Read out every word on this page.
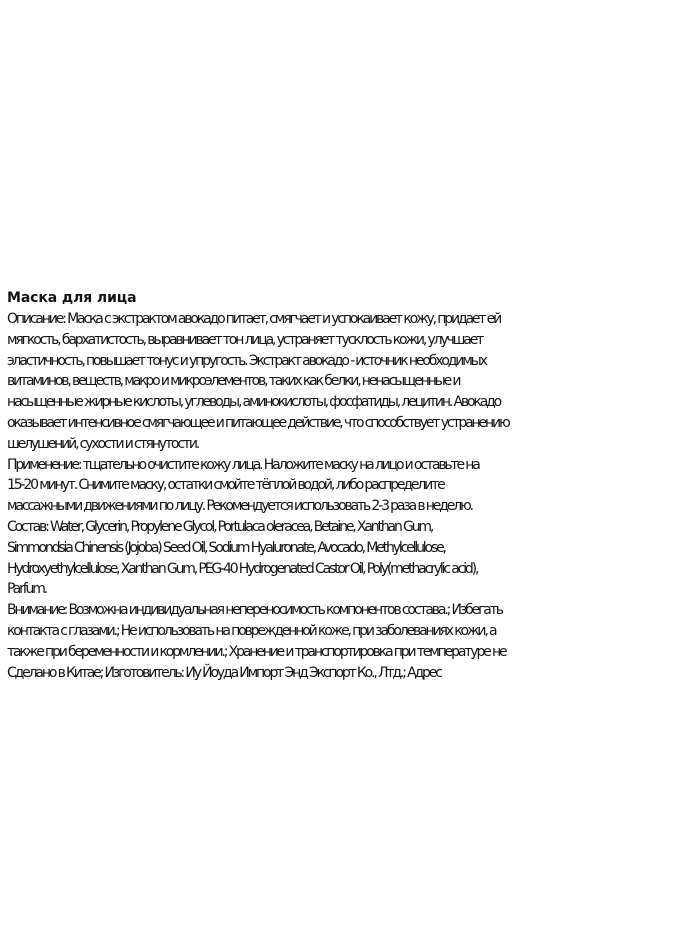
Маска для лица
Описание: Маска с экстрактом авокадо питает, смягчает и успокаивает кожу, придает ей
мягкость, бархатистость, выравнивает тон лица, устраняет тусклость кожи, улучшает
эластичность, повышает тонус и упругость. Экстракт авокадо - источник необходимых
витаминов, веществ, макро и микроэлементов, таких как белки, ненасыщенные и
насыщенные жирные кислоты, углеводы, аминокислоты, фосфатиды, лецитин. Авокадо
оказывает интенсивное смягчающее и питающее действие, что способствует устранению
шелушений, сухости и стянутости.
Применение: тщательно очистите кожу лица. Наложите маску на лицо и оставьте на
15-20 минут. Снимите маску, остатки смойте тёплой водой, либо распределите
массажными движениями по лицу. Рекомендуется использовать 2-3 раза в неделю.
Состав: Water, Glycerin, Propylene Glycol, Portulaca oleracea, Betaine, Xanthan Gum,
Simmondsia Chinensis (Jojoba) Seed Oil, Sodium Hyaluronate, Avocado, Methylcellulose,
Hydroxyethylcellulose, Xanthan Gum, PEG-40 Hydrogenated Castor Oil, Poly(methacrylic acid),
Parfum.
Внимание: Возможна индивидуальная непереносимость компонентов состава.; Избегать
контакта с глазами.; Не использовать на поврежденной коже, при заболеваниях кожи, а
также при беременности и кормлении.; Хранение и транспортировка при температуре не
Сделано в Китае; Изготовитель: Иу Йоуда Импорт Энд Экспорт Ко., Лтд.; Адрес
